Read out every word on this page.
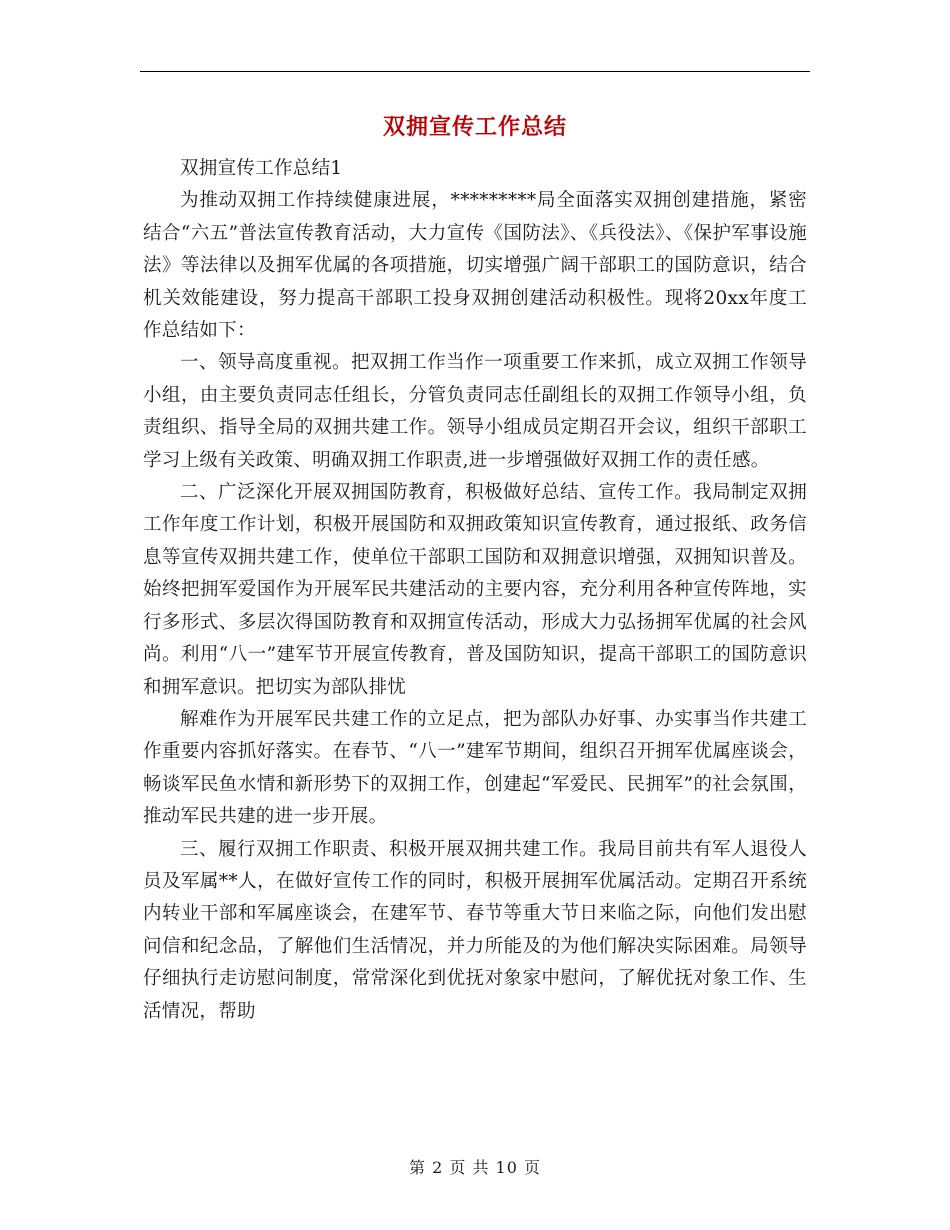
双拥宣传工作总结

双拥宣传工作总结1

为推动双拥工作持续健康进展，*********局全面落实双拥创建措施，紧密结合“六五”普法宣传教育活动，大力宣传《国防法》、《兵役法》、《保护军事设施法》等法律以及拥军优属的各项措施，切实增强广阔干部职工的国防意识，结合机关效能建设，努力提高干部职工投身双拥创建活动积极性。现将20xx年度工作总结如下：

一、领导高度重视。把双拥工作当作一项重要工作来抓，成立双拥工作领导小组，由主要负责同志任组长，分管负责同志任副组长的双拥工作领导小组，负责组织、指导全局的双拥共建工作。领导小组成员定期召开会议，组织干部职工学习上级有关政策、明确双拥工作职责,进一步增强做好双拥工作的责任感。

二、广泛深化开展双拥国防教育，积极做好总结、宣传工作。我局制定双拥工作年度工作计划，积极开展国防和双拥政策知识宣传教育，通过报纸、政务信息等宣传双拥共建工作，使单位干部职工国防和双拥意识增强，双拥知识普及。始终把拥军爱国作为开展军民共建活动的主要内容，充分利用各种宣传阵地，实行多形式、多层次得国防教育和双拥宣传活动，形成大力弘扬拥军优属的社会风尚。利用“八一”建军节开展宣传教育，普及国防知识，提高干部职工的国防意识和拥军意识。把切实为部队排忧

解难作为开展军民共建工作的立足点，把为部队办好事、办实事当作共建工作重要内容抓好落实。在春节、“八一”建军节期间，组织召开拥军优属座谈会，畅谈军民鱼水情和新形势下的双拥工作，创建起“军爱民、民拥军”的社会氛围，推动军民共建的进一步开展。

三、履行双拥工作职责、积极开展双拥共建工作。我局目前共有军人退役人员及军属**人，在做好宣传工作的同时，积极开展拥军优属活动。定期召开系统内转业干部和军属座谈会，在建军节、春节等重大节日来临之际，向他们发出慰问信和纪念品，了解他们生活情况，并力所能及的为他们解决实际困难。局领导仔细执行走访慰问制度，常常深化到优抚对象家中慰问，了解优抚对象工作、生活情况，帮助

第 2 页 共 10 页
